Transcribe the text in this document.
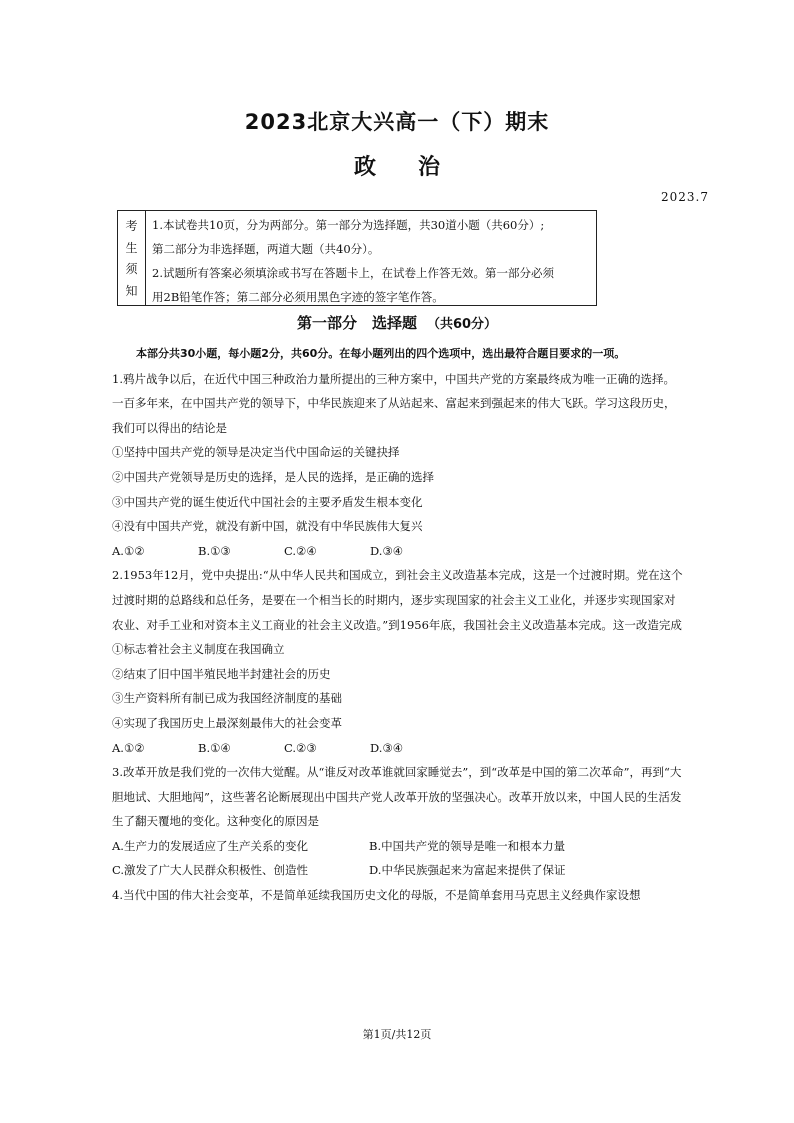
2023北京大兴高一（下）期末
政治
2023.7
考
生
须
知
1.本试卷共10页，分为两部分。第一部分为选择题，共30道小题（共60分）;
第二部分为非选择题，两道大题（共40分）。
2.试题所有答案必须填涂或书写在答题卡上，在试卷上作答无效。第一部分必须
用2B铅笔作答；第二部分必须用黑色字迹的签字笔作答。
第一部分　选择题 （共60分）

本部分共30小题，每小题2分，共60分。在每小题列出的四个选项中，选出最符合题目要求的一项。

1.鸦片战争以后，在近代中国三种政治力量所提出的三种方案中，中国共产党的方案最终成为唯一正确的选择。一百多年来，在中国共产党的领导下，中华民族迎来了从站起来、富起来到强起来的伟大飞跃。学习这段历史，我们可以得出的结论是

①坚持中国共产党的领导是决定当代中国命运的关键抉择

②中国共产党领导是历史的选择，是人民的选择，是正确的选择

③中国共产党的诞生使近代中国社会的主要矛盾发生根本变化

④没有中国共产党，就没有新中国，就没有中华民族伟大复兴

A.①②	B.①③	C.②④	D.③④

2.1953年12月，党中央提出:“从中华人民共和国成立，到社会主义改造基本完成，这是一个过渡时期。党在这个过渡时期的总路线和总任务，是要在一个相当长的时期内，逐步实现国家的社会主义工业化，并逐步实现国家对农业、对手工业和对资本主义工商业的社会主义改造。”到1956年底，我国社会主义改造基本完成。这一改造完成

①标志着社会主义制度在我国确立

②结束了旧中国半殖民地半封建社会的历史

③生产资料所有制已成为我国经济制度的基础

④实现了我国历史上最深刻最伟大的社会变革

A.①②	B.①④	C.②③	D.③④

3.改革开放是我们党的一次伟大觉醒。从“谁反对改革谁就回家睡觉去”，到“改革是中国的第二次革命”，再到“大胆地试、大胆地闯”，这些著名论断展现出中国共产党人改革开放的坚强决心。改革开放以来，中国人民的生活发生了翻天覆地的变化。这种变化的原因是

A.生产力的发展适应了生产关系的变化	B.中国共产党的领导是唯一和根本力量
C.激发了广大人民群众积极性、创造性	D.中华民族强起来为富起来提供了保证

4.当代中国的伟大社会变革，不是简单延续我国历史文化的母版，不是简单套用马克思主义经典作家设想

第1页/共12页
